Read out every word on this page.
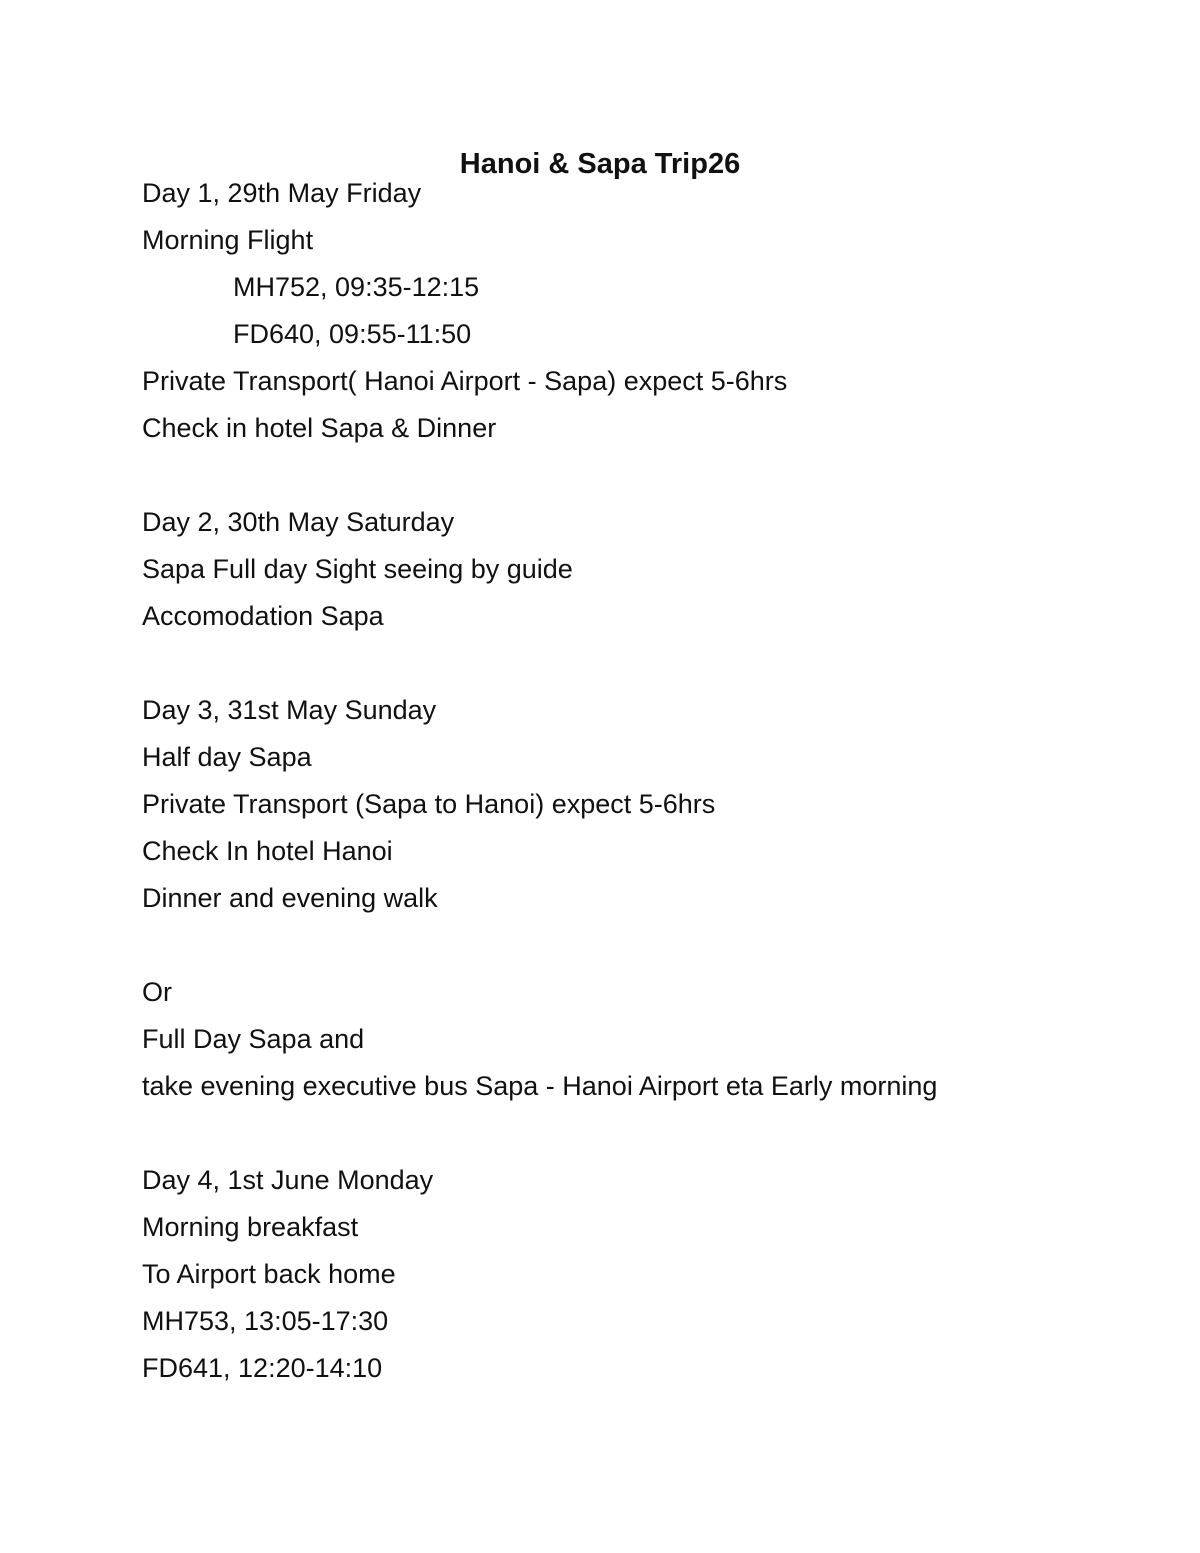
Hanoi & Sapa Trip26
Day 1, 29th May Friday
Morning Flight
MH752, 09:35-12:15
FD640, 09:55-11:50
Private Transport( Hanoi Airport - Sapa) expect 5-6hrs
Check in hotel Sapa & Dinner
Day 2, 30th May Saturday
Sapa Full day Sight seeing by guide
Accomodation Sapa
Day 3, 31st May Sunday
Half day Sapa
Private Transport (Sapa to Hanoi) expect 5-6hrs
Check In hotel Hanoi
Dinner and evening walk
Or
Full Day Sapa and
take evening executive bus Sapa - Hanoi Airport eta Early morning
Day 4, 1st June Monday
Morning breakfast
To Airport back home
MH753, 13:05-17:30
FD641, 12:20-14:10
